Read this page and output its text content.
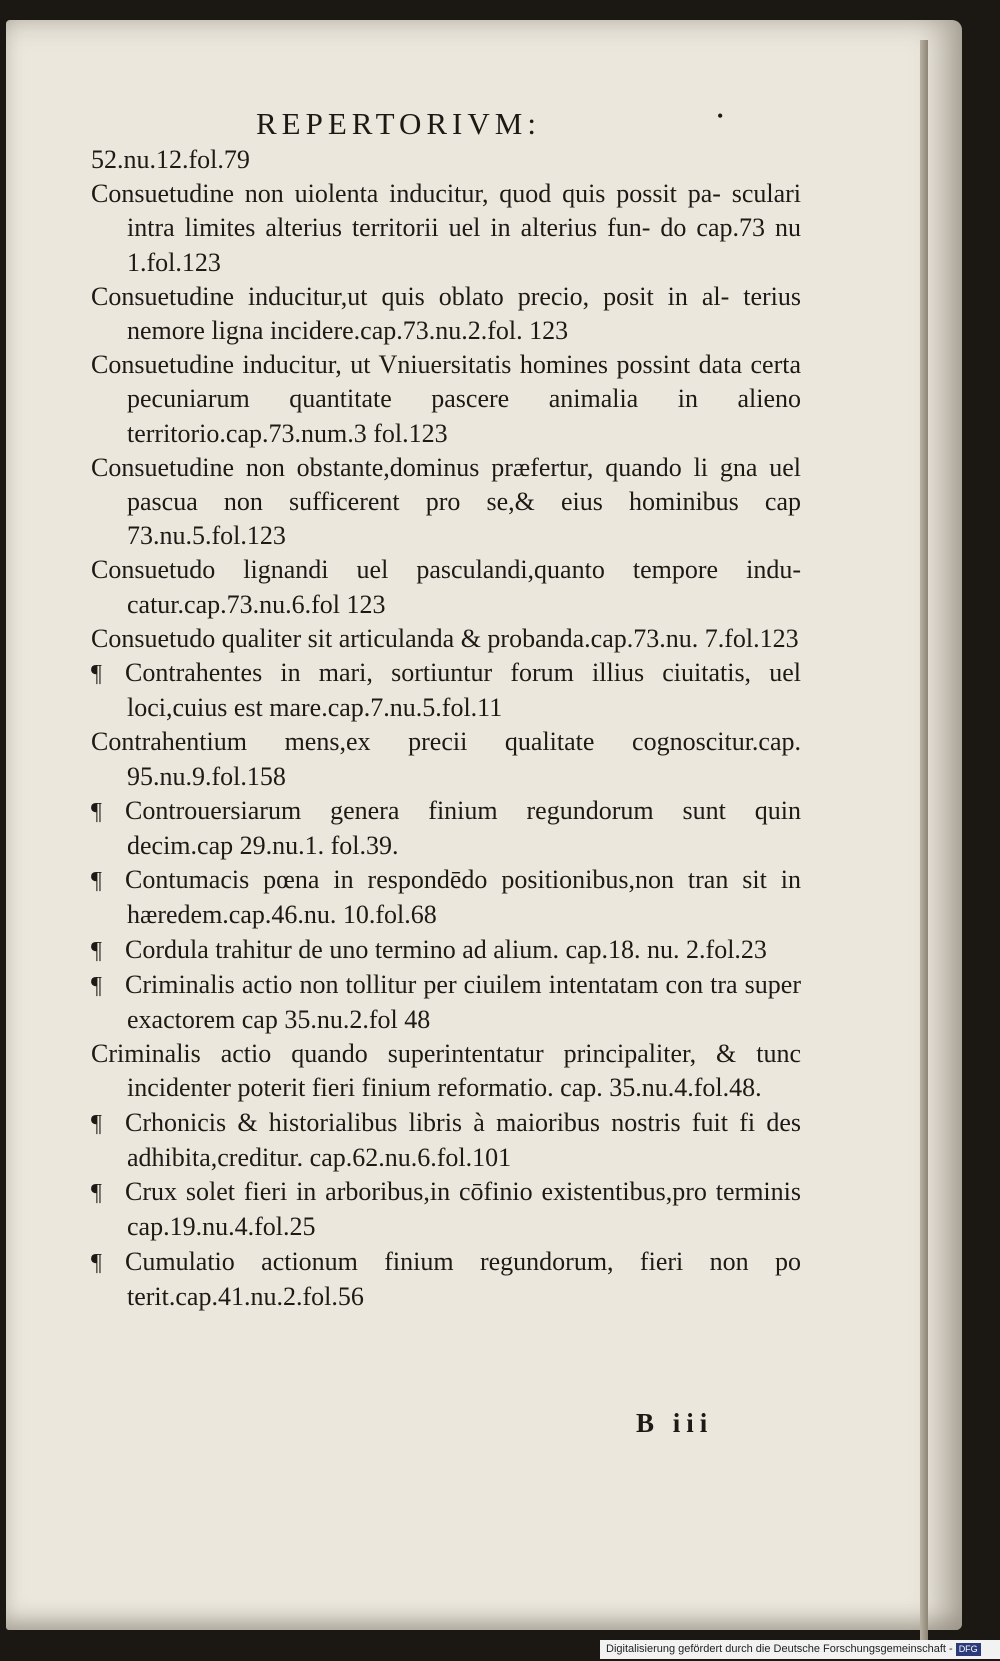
REPERTORIVM:	•
52.nu.12.fol.79
Consuetudine non uiolenta inducitur, quod quis possit pa- sculari intra limites alterius territorii uel in alterius fun- do cap.73 nu 1.fol.123
Consuetudine inducitur,ut quis oblato precio, posit in al- terius nemore ligna incidere.cap.73.nu.2.fol. 123
Consuetudine inducitur, ut Vniuersitatis homines possint data certa pecuniarum quantitate pascere animalia in alieno territorio.cap.73.num.3 fol.123
Consuetudine non obstante,dominus præfertur, quando li gna uel pascua non sufficerent pro se,& eius hominibus cap 73.nu.5.fol.123
Consuetudo lignandi uel pasculandi,quanto tempore indu- catur.cap.73.nu.6.fol 123
Consuetudo qualiter sit articulanda & probanda.cap.73.nu. 7.fol.123
¶ Contrahentes in mari, sortiuntur forum illius ciuitatis, uel loci,cuius est mare.cap.7.nu.5.fol.11
Contrahentium mens,ex precii qualitate cognoscitur.cap. 95.nu.9.fol.158
¶ Controuersiarum genera finium regundorum sunt quin decim.cap 29.nu.1. fol.39.
¶ Contumacis pœna in respondēdo positionibus,non tran sit in hæredem.cap.46.nu. 10.fol.68
¶ Cordula trahitur de uno termino ad alium. cap.18. nu. 2.fol.23
¶ Criminalis actio non tollitur per ciuilem intentatam con tra super exactorem cap 35.nu.2.fol 48
Criminalis actio quando superintentatur principaliter, & tunc incidenter poterit fieri finium reformatio. cap. 35.nu.4.fol.48.
¶ Crhonicis & historialibus libris à maioribus nostris fuit fi des adhibita,creditur. cap.62.nu.6.fol.101
¶ Crux solet fieri in arboribus,in cōfinio existentibus,pro terminis cap.19.nu.4.fol.25
¶ Cumulatio actionum finium regundorum, fieri non po terit.cap.41.nu.2.fol.56
B iii
Digitalisierung gefördert durch die Deutsche Forschungsgemeinschaft - DFG
